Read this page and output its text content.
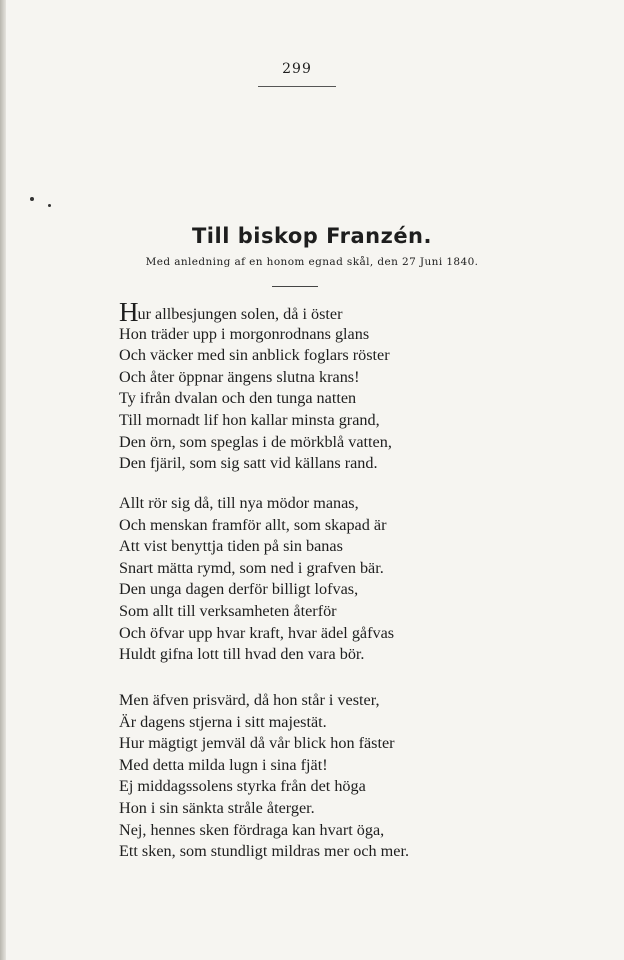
299
Till biskop Franzén.
Med anledning af en honom egnad skål, den 27 Juni 1840.
Hur allbesjungen solen, då i öster
Hon träder upp i morgonrodnans glans
Och väcker med sin anblick foglars röster
Och åter öppnar ängens slutna krans!
Ty ifrån dvalan och den tunga natten
Till mornadt lif hon kallar minsta grand,
Den örn, som speglas i de mörkblå vatten,
Den fjäril, som sig satt vid källans rand.
Allt rör sig då, till nya mödor manas,
Och menskan framför allt, som skapad är
Att vist benyttja tiden på sin banas
Snart mätta rymd, som ned i grafven bär.
Den unga dagen derför billigt lofvas,
Som allt till verksamheten återför
Och öfvar upp hvar kraft, hvar ädel gåfvas
Huldt gifna lott till hvad den vara bör.
Men äfven prisvärd, då hon står i vester,
Är dagens stjerna i sitt majestät.
Hur mägtigt jemväl då vår blick hon fäster
Med detta milda lugn i sina fjät!
Ej middagssolens styrka från det höga
Hon i sin sänkta stråle återger.
Nej, hennes sken fördraga kan hvart öga,
Ett sken, som stundligt mildras mer och mer.
